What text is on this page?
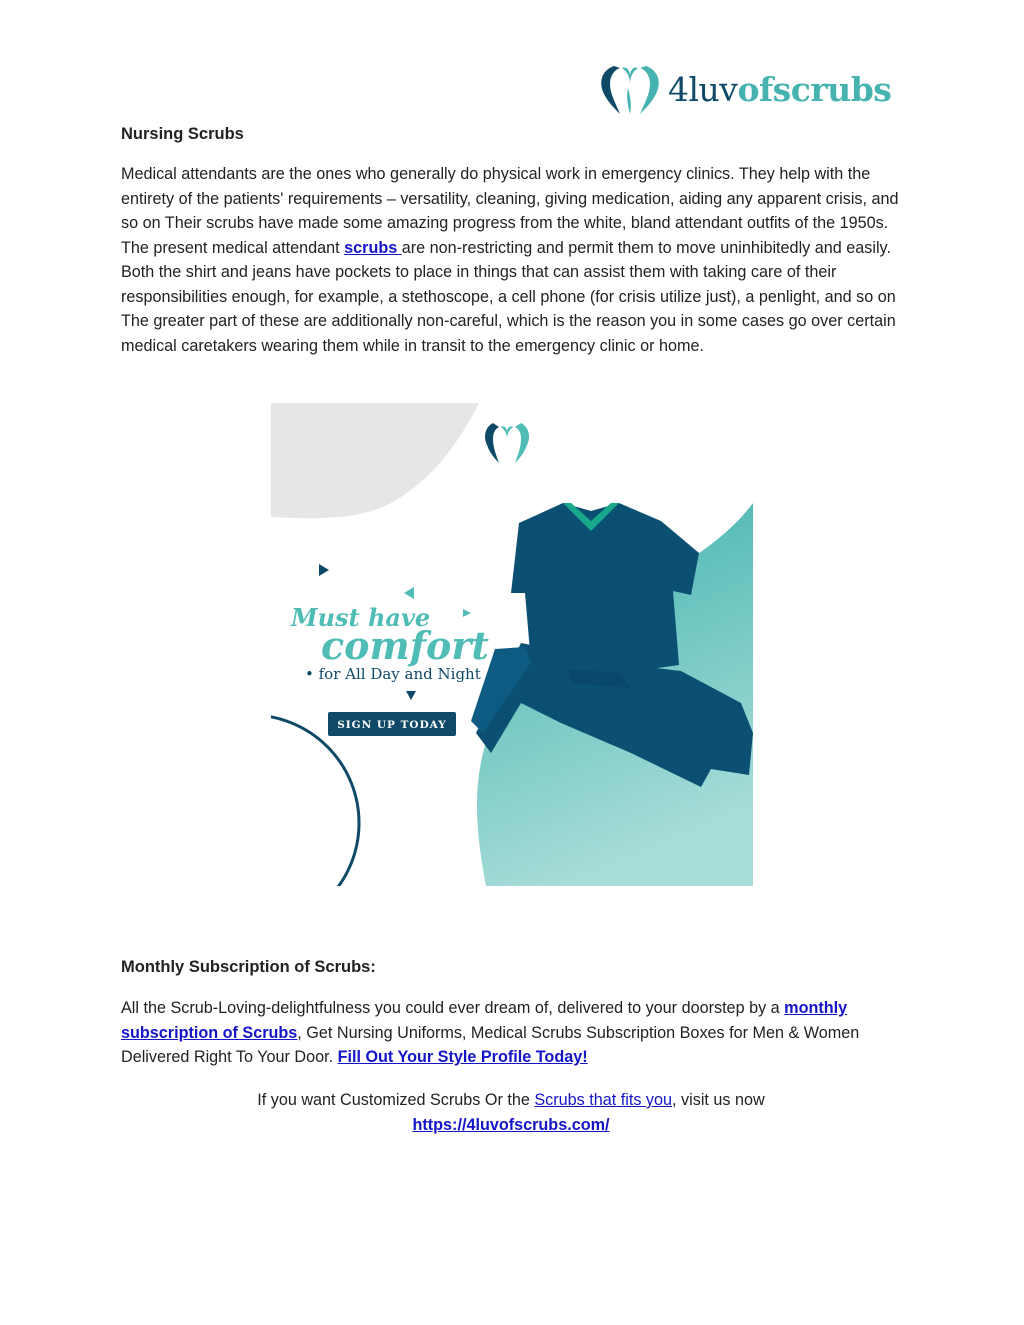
4luvofscrubs
Nursing Scrubs
Medical attendants are the ones who generally do physical work in emergency clinics. They help with the entirety of the patients' requirements – versatility, cleaning, giving medication, aiding any apparent crisis, and so on Their scrubs have made some amazing progress from the white, bland attendant outfits of the 1950s. The present medical attendant scrubs are non-restricting and permit them to move uninhibitedly and easily. Both the shirt and jeans have pockets to place in things that can assist them with taking care of their responsibilities enough, for example, a stethoscope, a cell phone (for crisis utilize just), a penlight, and so on The greater part of these are additionally non-careful, which is the reason you in some cases go over certain medical caretakers wearing them while in transit to the emergency clinic or home.
Must have
comfort
• for All Day and Night
SIGN UP TODAY
Monthly Subscription of Scrubs:
All the Scrub-Loving-delightfulness you could ever dream of, delivered to your doorstep by a monthly subscription of Scrubs, Get Nursing Uniforms, Medical Scrubs Subscription Boxes for Men & Women Delivered Right To Your Door. Fill Out Your Style Profile Today!
If you want Customized Scrubs Or the Scrubs that fits you, visit us now
https://4luvofscrubs.com/
